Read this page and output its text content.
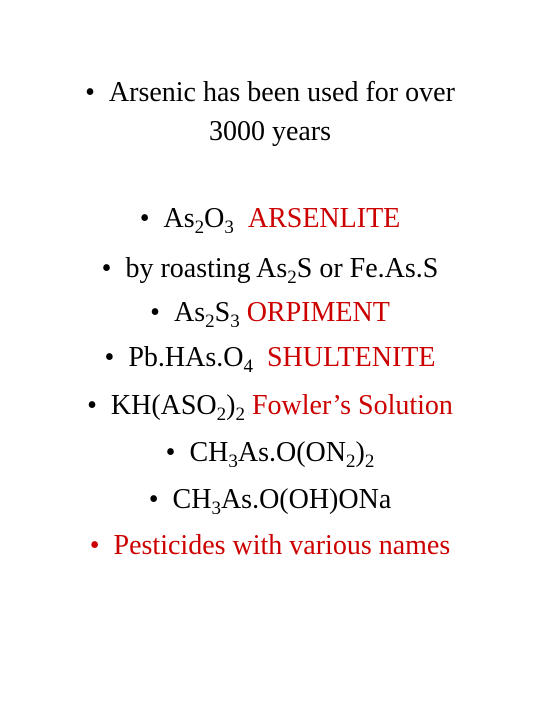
• Arsenic has been used for over
3000 years
• $As_2O_3$ ARSENLITE
• by roasting $As_2S$ or Fe.As.S
• $As_2S_3$ ORPIMENT
• $Pb.HAs.O_4$ SHULTENITE
• $KH(ASO_2)_2$ Fowler’s Solution
• $CH_3As.O(ON_2)_2$
• $CH_3As.O(OH)ONa$
• Pesticides with various names
